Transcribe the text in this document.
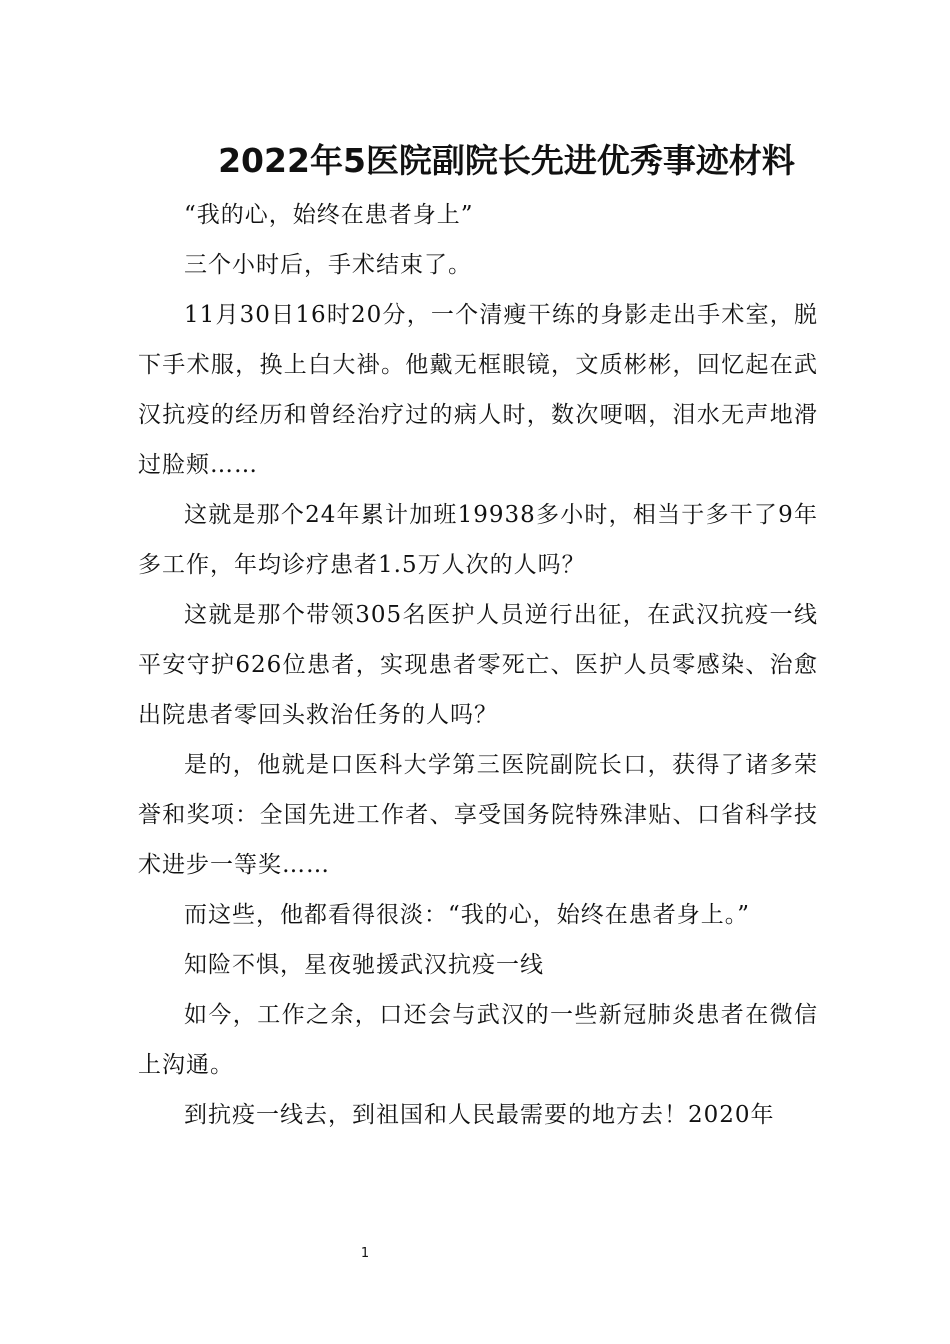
2022年5医院副院长先进优秀事迹材料

“我的心，始终在患者身上”

三个小时后，手术结束了。

11月30日16时20分，一个清瘦干练的身影走出手术室，脱下手术服，换上白大褂。他戴无框眼镜，文质彬彬，回忆起在武汉抗疫的经历和曾经治疗过的病人时，数次哽咽，泪水无声地滑过脸颊……

这就是那个24年累计加班19938多小时，相当于多干了9年多工作，年均诊疗患者1.5万人次的人吗？

这就是那个带领305名医护人员逆行出征，在武汉抗疫一线平安守护626位患者，实现患者零死亡、医护人员零感染、治愈出院患者零回头救治任务的人吗？

是的，他就是口医科大学第三医院副院长口，获得了诸多荣誉和奖项：全国先进工作者、享受国务院特殊津贴、口省科学技术进步一等奖……

而这些，他都看得很淡：“我的心，始终在患者身上。”

知险不惧，星夜驰援武汉抗疫一线

如今，工作之余，口还会与武汉的一些新冠肺炎患者在微信上沟通。

到抗疫一线去，到祖国和人民最需要的地方去！2020年

1
